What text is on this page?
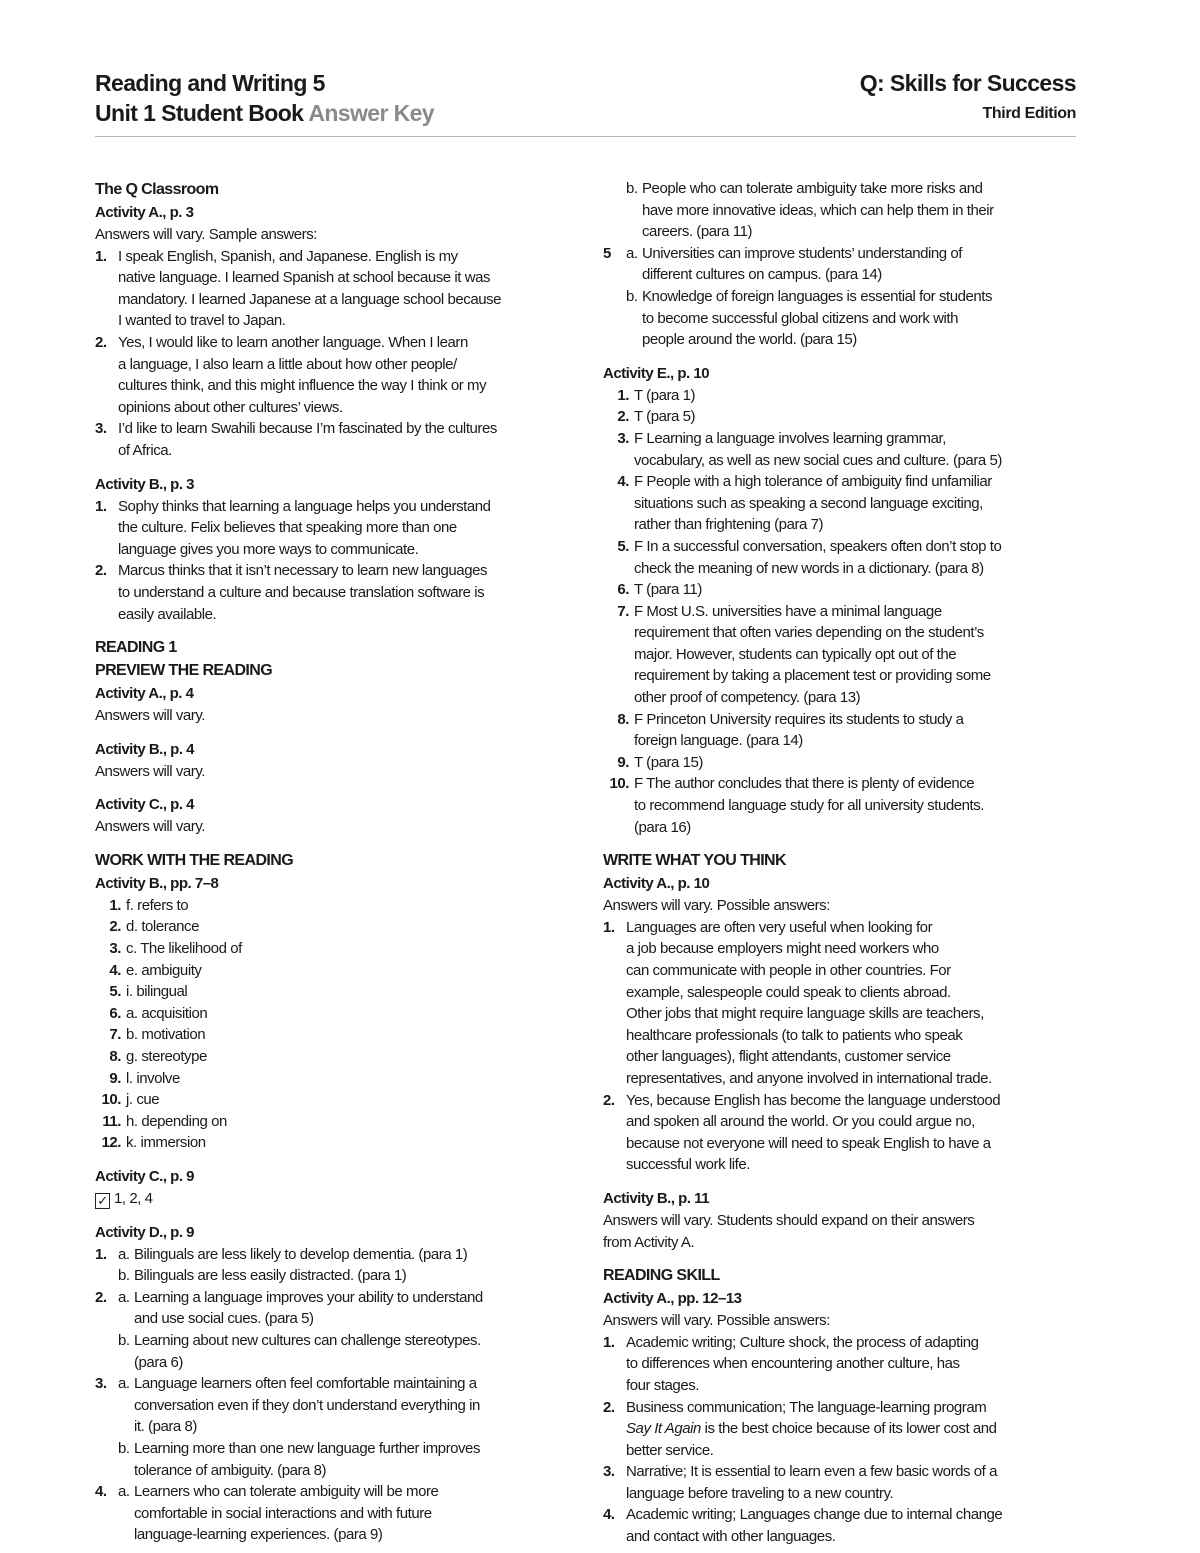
Reading and Writing 5
Unit 1 Student Book Answer Key
Q: Skills for Success
Third Edition
The Q Classroom
Activity A., p. 3
Answers will vary. Sample answers:
1. I speak English, Spanish, and Japanese. English is my
native language. I learned Spanish at school because it was
mandatory. I learned Japanese at a language school because
I wanted to travel to Japan.
2. Yes, I would like to learn another language. When I learn
a language, I also learn a little about how other people/
cultures think, and this might influence the way I think or my
opinions about other cultures’ views.
3. I’d like to learn Swahili because I’m fascinated by the cultures
of Africa.
Activity B., p. 3
1. Sophy thinks that learning a language helps you understand
the culture. Felix believes that speaking more than one
language gives you more ways to communicate.
2. Marcus thinks that it isn’t necessary to learn new languages
to understand a culture and because translation software is
easily available.
READING 1
PREVIEW THE READING
Activity A., p. 4
Answers will vary.
Activity B., p. 4
Answers will vary.
Activity C., p. 4
Answers will vary.
WORK WITH THE READING
Activity B., pp. 7–8
1. f. refers to
2. d. tolerance
3. c. The likelihood of
4. e. ambiguity
5. i. bilingual
6. a. acquisition
7. b. motivation
8. g. stereotype
9. l. involve
10. j. cue
11. h. depending on
12. k. immersion
Activity C., p. 9
✓ 1, 2, 4
Activity D., p. 9
1. a. Bilinguals are less likely to develop dementia. (para 1)
b. Bilinguals are less easily distracted. (para 1)
2. a. Learning a language improves your ability to understand
and use social cues. (para 5)
b. Learning about new cultures can challenge stereotypes.
(para 6)
3. a. Language learners often feel comfortable maintaining a
conversation even if they don’t understand everything in
it. (para 8)
b. Learning more than one new language further improves
tolerance of ambiguity. (para 8)
4. a. Learners who can tolerate ambiguity will be more
comfortable in social interactions and with future
language-learning experiences. (para 9)
b. People who can tolerate ambiguity take more risks and
have more innovative ideas, which can help them in their
careers. (para 11)
5	a. Universities can improve students’ understanding of
different cultures on campus. (para 14)
b. Knowledge of foreign languages is essential for students
to become successful global citizens and work with
people around the world. (para 15)
Activity E., p. 10
1. T (para 1)
2. T (para 5)
3. F Learning a language involves learning grammar,
vocabulary, as well as new social cues and culture. (para 5)
4. F People with a high tolerance of ambiguity find unfamiliar
situations such as speaking a second language exciting,
rather than frightening (para 7)
5. F In a successful conversation, speakers often don’t stop to
check the meaning of new words in a dictionary. (para 8)
6. T (para 11)
7. F Most U.S. universities have a minimal language
requirement that often varies depending on the student’s
major. However, students can typically opt out of the
requirement by taking a placement test or providing some
other proof of competency. (para 13)
8. F Princeton University requires its students to study a
foreign language. (para 14)
9. T (para 15)
10. F The author concludes that there is plenty of evidence
to recommend language study for all university students.
(para 16)
WRITE WHAT YOU THINK
Activity A., p. 10
Answers will vary. Possible answers:
1. Languages are often very useful when looking for
a job because employers might need workers who
can communicate with people in other countries. For
example, salespeople could speak to clients abroad.
Other jobs that might require language skills are teachers,
healthcare professionals (to talk to patients who speak
other languages), flight attendants, customer service
representatives, and anyone involved in international trade.
2. Yes, because English has become the language understood
and spoken all around the world. Or you could argue no,
because not everyone will need to speak English to have a
successful work life.
Activity B., p. 11
Answers will vary. Students should expand on their answers
from Activity A.
READING SKILL
Activity A., pp. 12–13
Answers will vary. Possible answers:
1. Academic writing; Culture shock, the process of adapting
to differences when encountering another culture, has
four stages.
2. Business communication; The language-learning program
Say It Again is the best choice because of its lower cost and
better service.
3. Narrative; It is essential to learn even a few basic words of a
language before traveling to a new country.
4. Academic writing; Languages change due to internal change
and contact with other languages.
